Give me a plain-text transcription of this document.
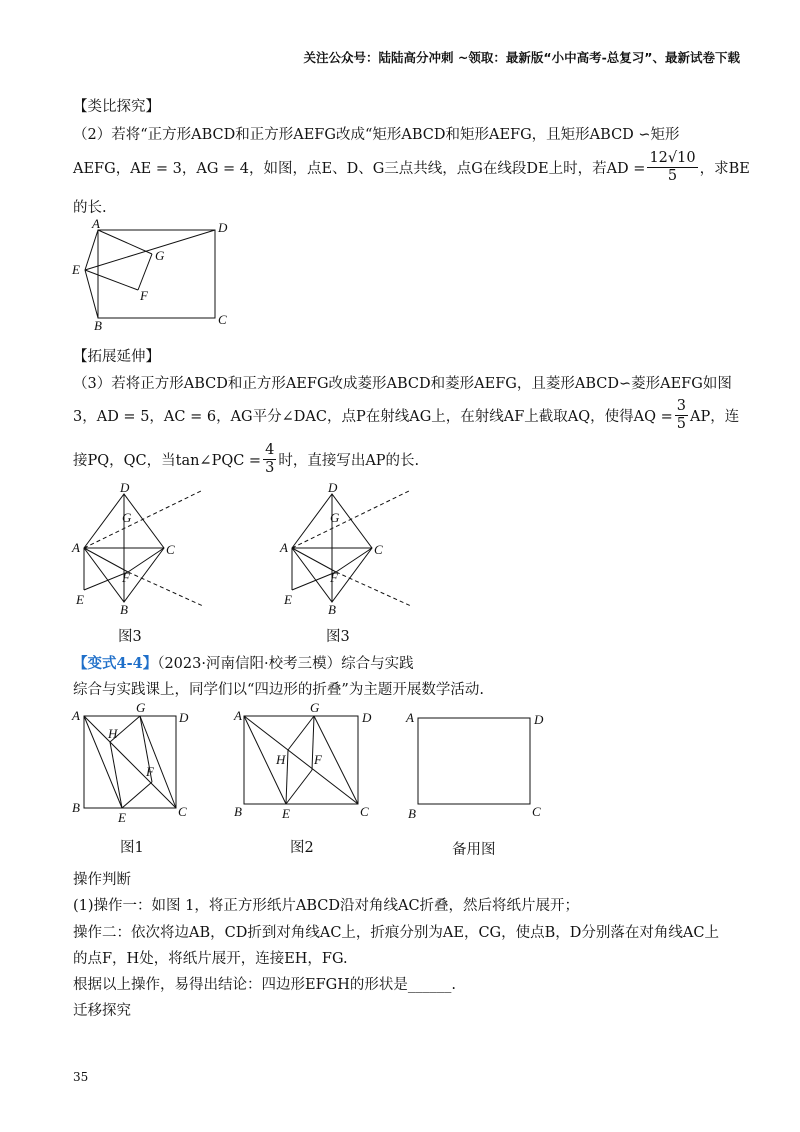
关注公众号：陆陆高分冲刺 ~领取：最新版“小中高考-总复习”、最新试卷下载
【类比探究】
（2）若将“正方形ABCD和正方形AEFG改成“矩形ABCD和矩形AEFG，且矩形ABCD ∽矩形
AEFG，AE = 3，AG = 4，如图，点E、D、G三点共线，点G在线段DE上时，若AD = $\frac{12√10}{5}$ ，求BE
的长.
A	D
G
E
F
B	C
【拓展延伸】
（3）若将正方形ABCD和正方形AEFG改成菱形ABCD和菱形AEFG，且菱形ABCD∽菱形AEFG如图
3，AD = 5，AC = 6，AG平分∠DAC，点P在射线AG上，在射线AF上截取AQ，使得AQ = $\frac{3}{5}$ AP，连
接PQ，QC，当tan∠PQC = $\frac{4}{3}$ 时，直接写出AP的长.
D
G
A	C
F
E
B
图3
D
G
A	C
F
E
B
图3
【变式4-4】（2023·河南信阳·校考三模）综合与实践
综合与实践课上，同学们以“四边形的折叠”为主题开展数学活动.
A
G
D
H
F
B
E	C
图1
A
G
D
H F
B	E	C
图2
A	D
B	C
备用图
操作判断
(1)操作一：如图 1，将正方形纸片ABCD沿对角线AC折叠，然后将纸片展开；
操作二：依次将边AB，CD折到对角线AC上，折痕分别为AE，CG，使点B，D分别落在对角线AC上
的点F，H处，将纸片展开，连接EH，FG.
根据以上操作，易得出结论：四边形EFGH的形状是______.
迁移探究
35
